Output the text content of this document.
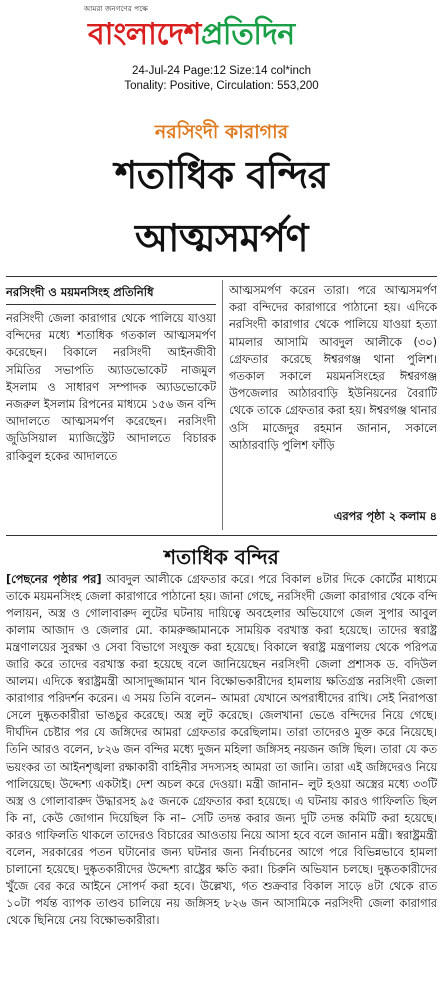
আমরা জনগণের পক্ষে
বাংলাদেশপ্রতিদিন
24-Jul-24 Page:12 Size:14 col*inch
Tonality: Positive, Circulation: 553,200
নরসিংদী কারাগার
শতাধিক বন্দির
আত্মসমর্পণ
নরসিংদী ও ময়মনসিংহ প্রতিনিধি
নরসিংদী জেলা কারাগার থেকে পালিয়ে যাওয়া বন্দিদের মধ্যে শতাধিক গতকাল আত্মসমর্পণ করেছেন। বিকালে নরসিংদী আইনজীবী সমিতির সভাপতি অ্যাডভোকেট নাজমুল ইসলাম ও সাধারণ সম্পাদক অ্যাডভোকেট নজরুল ইসলাম রিপনের মাধ্যমে ১৫৬ জন বন্দি আদালতে আত্মসমর্পণ করেছেন। নরসিংদী জুডিসিয়াল ম্যাজিস্ট্রেট আদালতে বিচারক রাকিবুল হকের আদালতে
আত্মসমর্পণ করেন তারা। পরে আত্মসমর্পণ করা বন্দিদের কারাগারে পাঠানো হয়। এদিকে নরসিংদী কারাগার থেকে পালিয়ে যাওয়া হত্যা মামলার আসামি আবদুল আলীকে (৩০) গ্রেফতার করেছে ঈশ্বরগঞ্জ থানা পুলিশ। গতকাল সকালে ময়মনসিংহের ঈশ্বরগঞ্জ উপজেলার আঠারবাড়ি ইউনিয়নের বৈরাটি থেকে তাকে গ্রেফতার করা হয়। ঈশ্বরগঞ্জ থানার ওসি মাজেদুর রহমান জানান, সকালে আঠারবাড়ি পুলিশ ফাঁড়ি
এরপর পৃষ্ঠা ২ কলাম ৪
শতাধিক বন্দির
[পেছনের পৃষ্ঠার পর] আবদুল আলীকে গ্রেফতার করে। পরে বিকাল ৪টার দিকে কোর্টের মাধ্যমে তাকে ময়মনসিংহ জেলা কারাগারে পাঠানো হয়। জানা গেছে, নরসিংদী জেলা কারাগার থেকে বন্দি পলায়ন, অস্ত্র ও গোলাবারুদ লুটের ঘটনায় দায়িত্বে অবহেলার অভিযোগে জেল সুপার আবুল কালাম আজাদ ও জেলার মো. কামরুজ্জামানকে সাময়িক বরখাস্ত করা হয়েছে। তাদের স্বরাষ্ট্র মন্ত্রণালয়ের সুরক্ষা ও সেবা বিভাগে সংযুক্ত করা হয়েছে। বিকালে স্বরাষ্ট্র মন্ত্রণালয় থেকে পরিপত্র জারি করে তাদের বরখাস্ত করা হয়েছে বলে জানিয়েছেন নরসিংদী জেলা প্রশাসক ড. বদিউল আলম। এদিকে স্বরাষ্ট্রমন্ত্রী আসাদুজ্জামান খান বিক্ষোভকারীদের হামলায় ক্ষতিগ্রস্ত নরসিংদী জেলা কারাগার পরিদর্শন করেন। এ সময় তিনি বলেন– আমরা যেখানে অপরাধীদের রাখি। সেই নিরাপত্তা সেলে দুষ্কৃতকারীরা ভাঙচুর করেছে। অস্ত্র লুট করেছে। জেলখানা ভেঙে বন্দিদের নিয়ে গেছে। দীর্ঘদিন চেষ্টার পর যে জঙ্গিদের আমরা গ্রেফতার করেছিলাম। তারা তাদেরও মুক্ত করে নিয়েছে। তিনি আরও বলেন, ৮২৬ জন বন্দির মধ্যে দুজন মহিলা জঙ্গিসহ নয়জন জঙ্গি ছিল। তারা যে কত ভয়ংকর তা আইনশৃঙ্খলা রক্ষাকারী বাহিনীর সদস্যসহ আমরা তা জানি। তারা এই জঙ্গিদেরও নিয়ে পালিয়েছে। উদ্দেশ্য একটাই। দেশ অচল করে দেওয়া। মন্ত্রী জানান– লুট হওয়া অস্ত্রের মধ্যে ৩৩টি অস্ত্র ও গোলাবারুদ উদ্ধারসহ ৯৫ জনকে গ্রেফতার করা হয়েছে। এ ঘটনায় কারও গাফিলতি ছিল কি না, কেউ জোগান দিয়েছিল কি না– সেটি তদন্ত করার জন্য দুটি তদন্ত কমিটি করা হয়েছে। কারও গাফিলতি থাকলে তাদেরও বিচারের আওতায় নিয়ে আসা হবে বলে জানান মন্ত্রী। স্বরাষ্ট্রমন্ত্রী বলেন, সরকারের পতন ঘটানোর জন্য ঘটনার জন্য নির্বাচনের আগে পরে বিভিন্নভাবে হামলা চালানো হয়েছে। দুষ্কৃতকারীদের উদ্দেশ্য রাষ্ট্রের ক্ষতি করা। চিরুনি অভিযান চলছে। দুষ্কৃতকারীদের খুঁজে বের করে আইনে সোপর্দ করা হবে। উল্লেখ্য, গত শুক্রবার বিকাল সাড়ে ৪টা থেকে রাত ১০টা পর্যন্ত ব্যাপক তাণ্ডব চালিয়ে নয় জঙ্গিসহ ৮২৬ জন আসামিকে নরসিংদী জেলা কারাগার থেকে ছিনিয়ে নেয় বিক্ষোভকারীরা।
